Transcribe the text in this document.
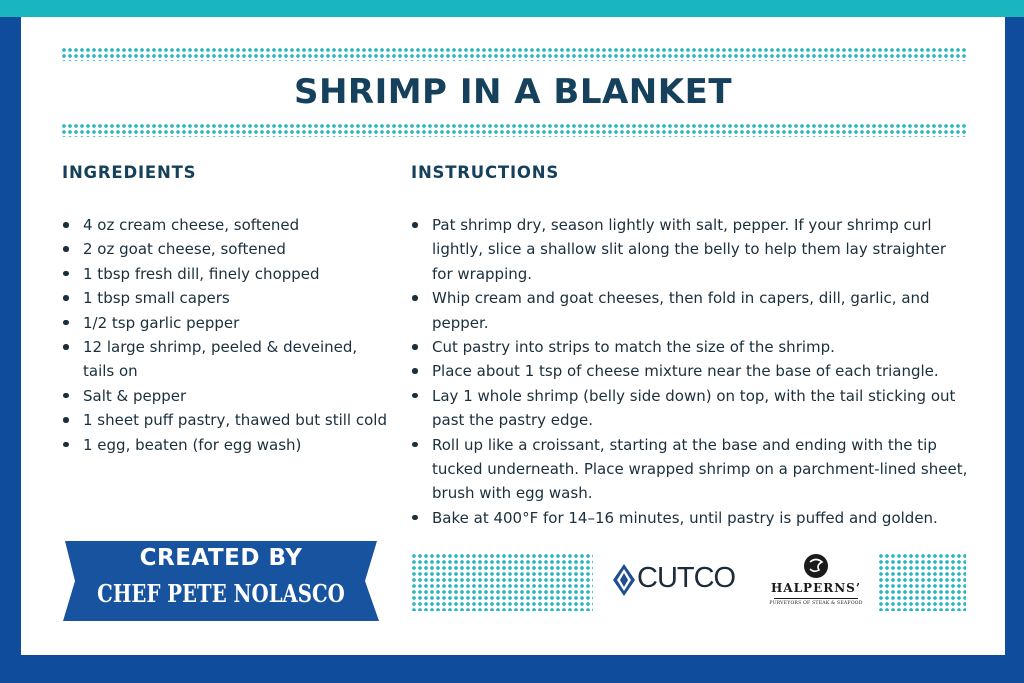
SHRIMP IN A BLANKET
INGREDIENTS
4 oz cream cheese, softened
2 oz goat cheese, softened
1 tbsp fresh dill, finely chopped
1 tbsp small capers
1/2 tsp garlic pepper
12 large shrimp, peeled & deveined, tails on
Salt & pepper
1 sheet puff pastry, thawed but still cold
1 egg, beaten (for egg wash)
INSTRUCTIONS
Pat shrimp dry, season lightly with salt, pepper. If your shrimp curl lightly, slice a shallow slit along the belly to help them lay straighter for wrapping.
Whip cream and goat cheeses, then fold in capers, dill, garlic, and pepper.
Cut pastry into strips to match the size of the shrimp.
Place about 1 tsp of cheese mixture near the base of each triangle.
Lay 1 whole shrimp (belly side down) on top, with the tail sticking out past the pastry edge.
Roll up like a croissant, starting at the base and ending with the tip tucked underneath. Place wrapped shrimp on a parchment-lined sheet, brush with egg wash.
Bake at 400°F for 14–16 minutes, until pastry is puffed and golden.
CREATED BY
CHEF PETE NOLASCO	CUTCO	HALPERNS’
PURVEYORS OF STEAK & SEAFOOD
